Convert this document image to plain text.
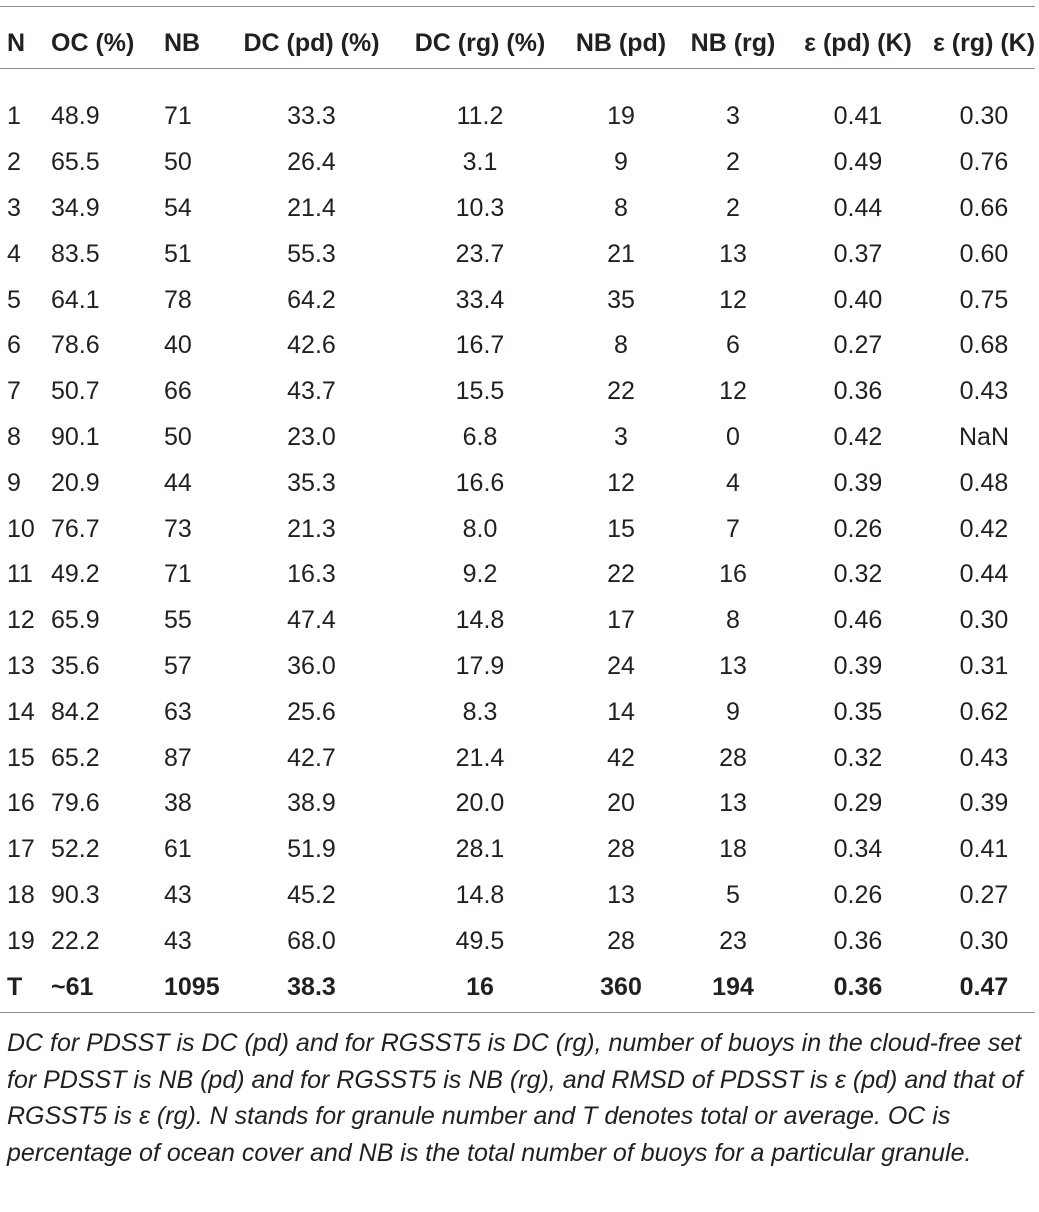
N	OC (%)	NB	DC (pd) (%)	DC (rg) (%)	NB (pd)	NB (rg)	ε (pd) (K)	ε (rg) (K)

1	48.9	71	33.3	11.2	19	3	0.41	0.30
2	65.5	50	26.4	3.1	9	2	0.49	0.76
3	34.9	54	21.4	10.3	8	2	0.44	0.66
4	83.5	51	55.3	23.7	21	13	0.37	0.60
5	64.1	78	64.2	33.4	35	12	0.40	0.75
6	78.6	40	42.6	16.7	8	6	0.27	0.68
7	50.7	66	43.7	15.5	22	12	0.36	0.43
8	90.1	50	23.0	6.8	3	0	0.42	NaN
9	20.9	44	35.3	16.6	12	4	0.39	0.48
10	76.7	73	21.3	8.0	15	7	0.26	0.42
11	49.2	71	16.3	9.2	22	16	0.32	0.44
12	65.9	55	47.4	14.8	17	8	0.46	0.30
13	35.6	57	36.0	17.9	24	13	0.39	0.31
14	84.2	63	25.6	8.3	14	9	0.35	0.62
15	65.2	87	42.7	21.4	42	28	0.32	0.43
16	79.6	38	38.9	20.0	20	13	0.29	0.39
17	52.2	61	51.9	28.1	28	18	0.34	0.41
18	90.3	43	45.2	14.8	13	5	0.26	0.27
19	22.2	43	68.0	49.5	28	23	0.36	0.30
T	~61	1095	38.3	16	360	194	0.36	0.47
DC for PDSST is DC (pd) and for RGSST5 is DC (rg), number of buoys in the cloud-free set for PDSST is NB (pd) and for RGSST5 is NB (rg), and RMSD of PDSST is ε (pd) and that of RGSST5 is ε (rg). N stands for granule number and T denotes total or average. OC is percentage of ocean cover and NB is the total number of buoys for a particular granule.
